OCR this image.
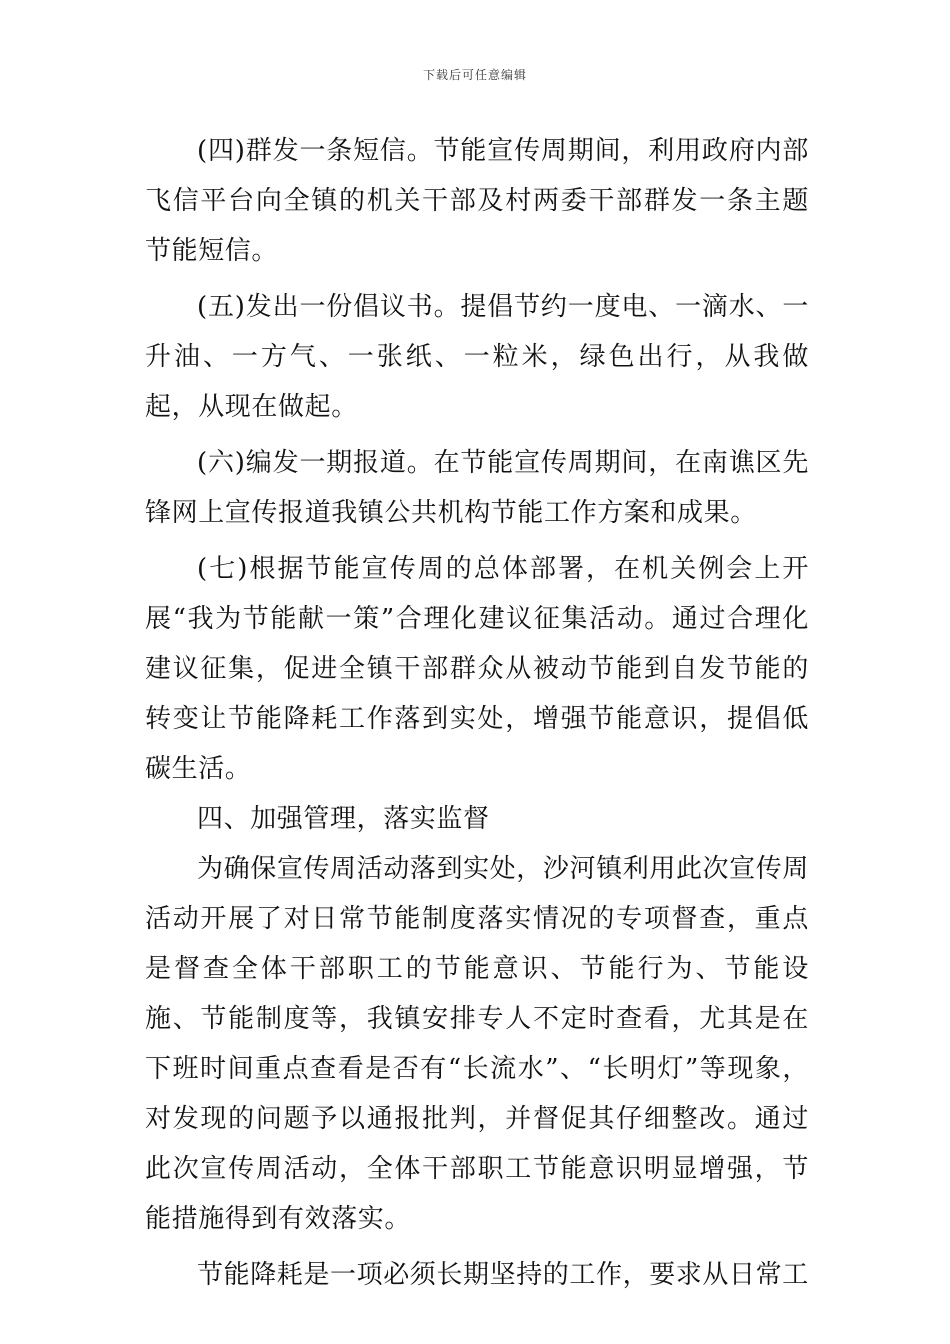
下载后可任意编辑

(四)群发一条短信。节能宣传周期间，利用政府内部飞信平台向全镇的机关干部及村两委干部群发一条主题节能短信。

(五)发出一份倡议书。提倡节约一度电、一滴水、一升油、一方气、一张纸、一粒米，绿色出行，从我做起，从现在做起。

(六)编发一期报道。在节能宣传周期间，在南谯区先锋网上宣传报道我镇公共机构节能工作方案和成果。

(七)根据节能宣传周的总体部署，在机关例会上开展“我为节能献一策”合理化建议征集活动。通过合理化建议征集，促进全镇干部群众从被动节能到自发节能的转变让节能降耗工作落到实处，增强节能意识，提倡低碳生活。

四、加强管理，落实监督

为确保宣传周活动落到实处，沙河镇利用此次宣传周活动开展了对日常节能制度落实情况的专项督查，重点是督查全体干部职工的节能意识、节能行为、节能设施、节能制度等，我镇安排专人不定时查看，尤其是在下班时间重点查看是否有“长流水”、“长明灯”等现象，对发现的问题予以通报批判，并督促其仔细整改。通过此次宣传周活动，全体干部职工节能意识明显增强，节能措施得到有效落实。

节能降耗是一项必须长期坚持的工作，要求从日常工
